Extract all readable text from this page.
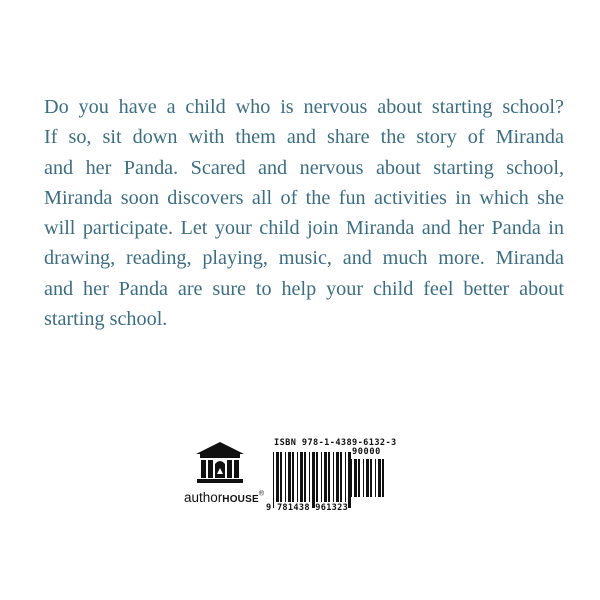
Do you have a child who is nervous about starting school?
If so, sit down with them and share the story of Miranda
and her Panda. Scared and nervous about starting school,
Miranda soon discovers all of the fun activities in which she
will participate. Let your child join Miranda and her Panda in
drawing, reading, playing, music, and much more. Miranda
and her Panda are sure to help your child feel better about
starting school.
authorHOUSE®
ISBN 978-1-4389-6132-3
90000
9 781438 961323
